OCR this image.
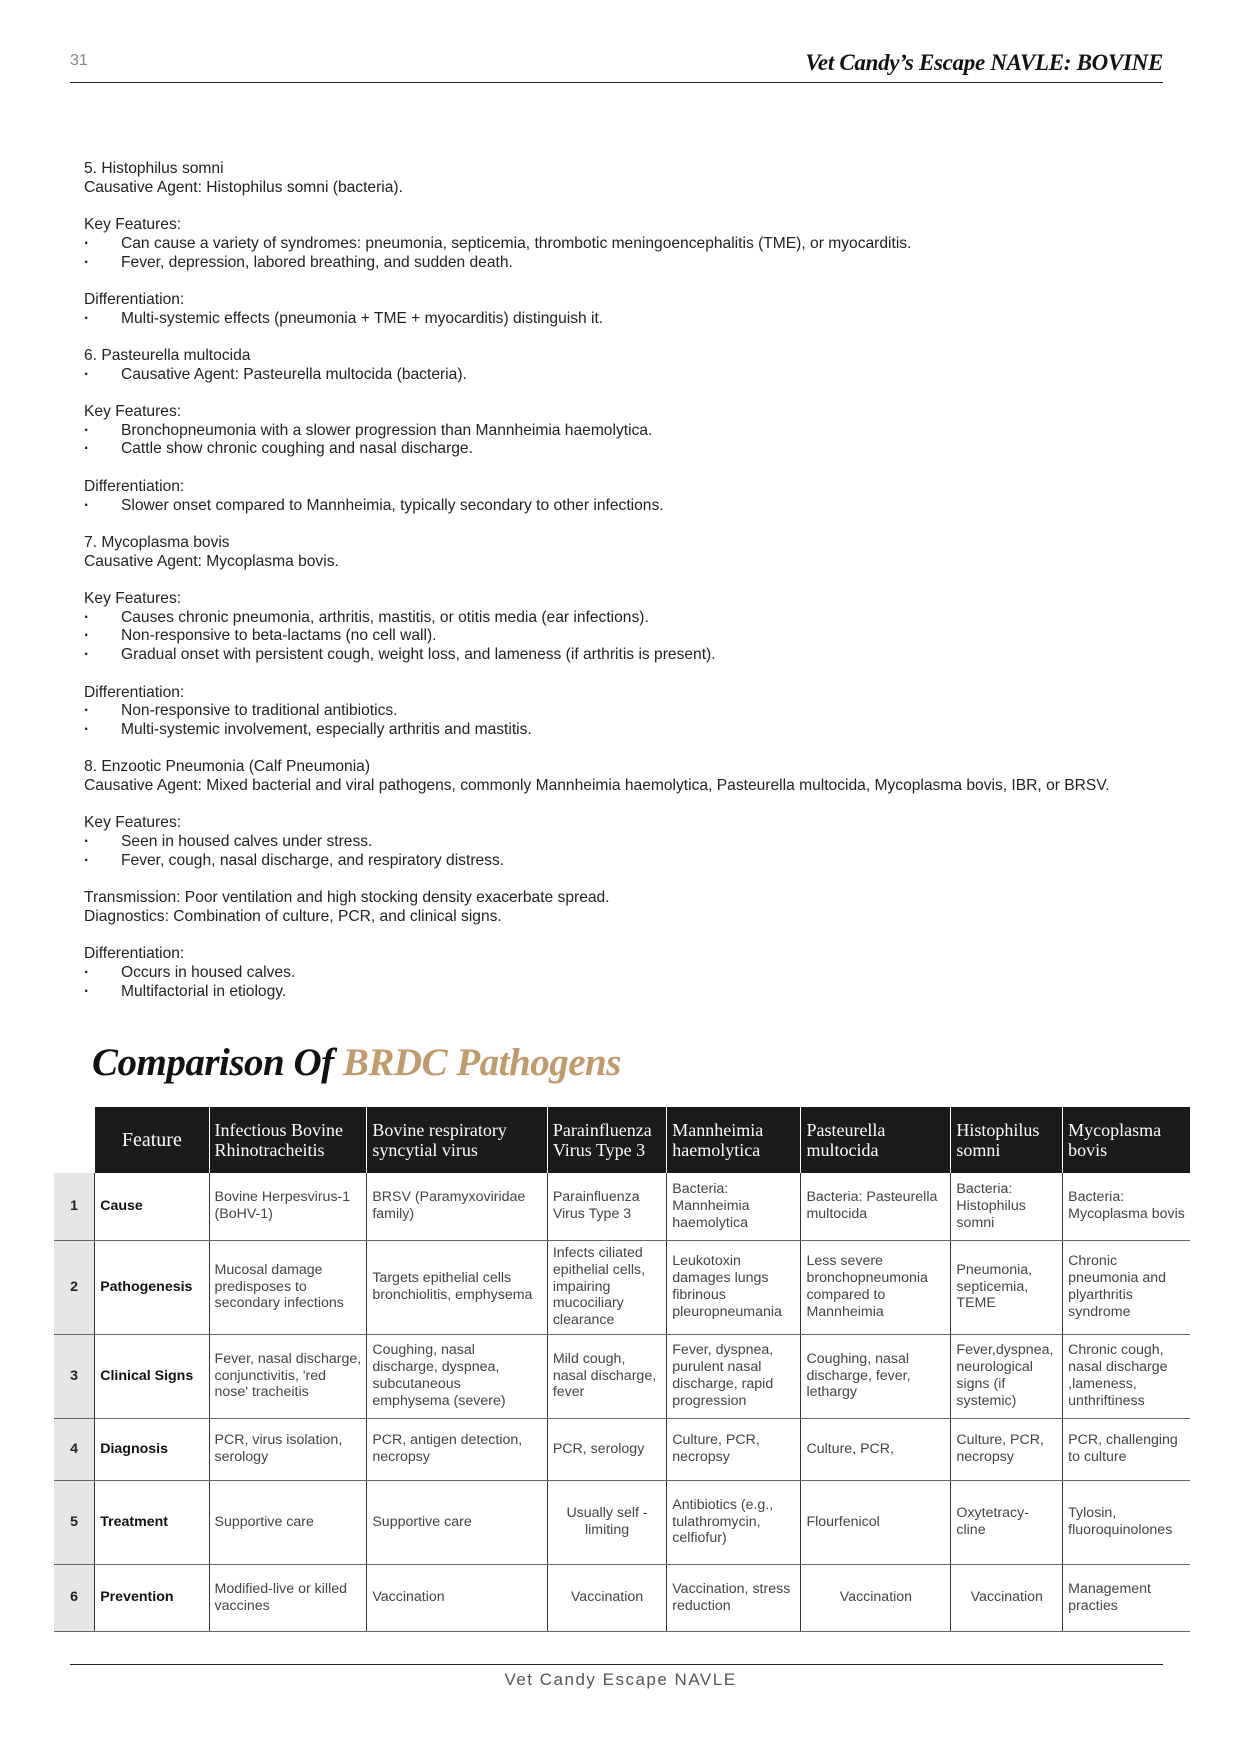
31	Vet Candy’s Escape NAVLE: BOVINE
5. Histophilus somni
Causative Agent: Histophilus somni (bacteria).
Key Features:
· Can cause a variety of syndromes: pneumonia, septicemia, thrombotic meningoencephalitis (TME), or myocarditis.
· Fever, depression, labored breathing, and sudden death.
Differentiation:
· Multi-systemic effects (pneumonia + TME + myocarditis) distinguish it.
6. Pasteurella multocida
· Causative Agent: Pasteurella multocida (bacteria).
Key Features:
· Bronchopneumonia with a slower progression than Mannheimia haemolytica.
· Cattle show chronic coughing and nasal discharge.
Differentiation:
· Slower onset compared to Mannheimia, typically secondary to other infections.
7. Mycoplasma bovis
Causative Agent: Mycoplasma bovis.
Key Features:
· Causes chronic pneumonia, arthritis, mastitis, or otitis media (ear infections).
· Non-responsive to beta-lactams (no cell wall).
· Gradual onset with persistent cough, weight loss, and lameness (if arthritis is present).
Differentiation:
· Non-responsive to traditional antibiotics.
· Multi-systemic involvement, especially arthritis and mastitis.
8. Enzootic Pneumonia (Calf Pneumonia)
Causative Agent: Mixed bacterial and viral pathogens, commonly Mannheimia haemolytica, Pasteurella multocida, Mycoplasma bovis, IBR, or BRSV.
Key Features:
· Seen in housed calves under stress.
· Fever, cough, nasal discharge, and respiratory distress.
Transmission: Poor ventilation and high stocking density exacerbate spread.
Diagnostics: Combination of culture, PCR, and clinical signs.
Differentiation:
· Occurs in housed calves.
· Multifactorial in etiology.
Comparison Of BRDC Pathogens
	Feature	Infectious Bovine Rhinotracheitis	Bovine respiratory syncytial virus	Parainfluenza Virus Type 3	Mannheimia haemolytica	Pasteurella multocida	Histophilus somni	Mycoplasma bovis
1	Cause	Bovine Herpesvirus-1 (BoHV-1)	BRSV (Paramyxoviridae family)	Parainfluenza Virus Type 3	Bacteria: Mannheimia haemolytica	Bacteria: Pasteurella multocida	Bacteria: Histophilus somni	Bacteria: Mycoplasma bovis
2	Pathogenesis	Mucosal damage predisposes to secondary infections	Targets epithelial cells bronchiolitis, emphysema	Infects ciliated epithelial cells, impairing mucociliary clearance	Leukotoxin damages lungs fibrinous pleuropneumania	Less severe bronchopneumonia compared to Mannheimia	Pneumonia, septicemia, TEME	Chronic pneumonia and plyarthritis syndrome
3	Clinical Signs	Fever, nasal discharge, conjunctivitis, 'red nose' tracheitis	Coughing, nasal discharge, dyspnea, subcutaneous emphysema (severe)	Mild cough, nasal discharge, fever	Fever, dyspnea, purulent nasal discharge, rapid progression	Coughing, nasal discharge, fever, lethargy	Fever,dyspnea, neurological signs (if systemic)	Chronic cough, nasal discharge ,lameness, unthriftiness
4	Diagnosis	PCR, virus isolation, serology	PCR, antigen detection, necropsy	PCR, serology	Culture, PCR, necropsy	Culture, PCR,	Culture, PCR, necropsy	PCR, challenging to culture
5	Treatment	Supportive care	Supportive care	Usually self - limiting	Antibiotics (e.g., tulathromycin, celfiofur)	Flourfenicol	Oxytetracy-cline	Tylosin, fluoroquinolones
6	Prevention	Modified-live or killed vaccines	Vaccination	Vaccination	Vaccination, stress reduction	Vaccination	Vaccination	Management practies
Vet Candy Escape NAVLE
